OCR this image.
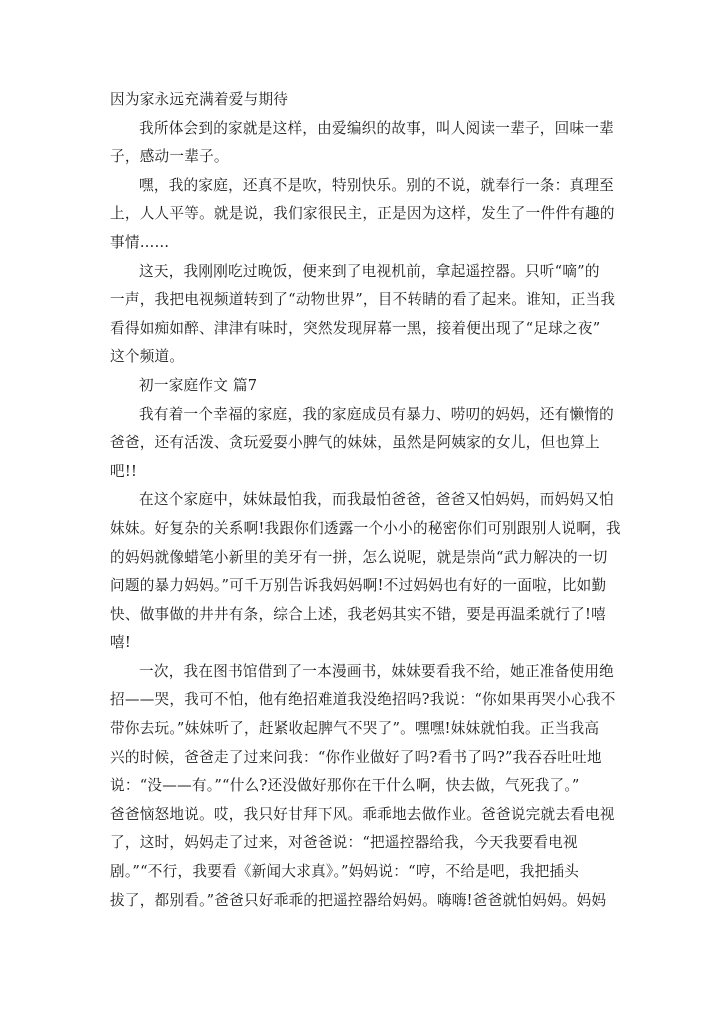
因为家永远充满着爱与期待
我所体会到的家就是这样，由爱编织的故事，叫人阅读一辈子，回味一辈
子，感动一辈子。
嘿，我的家庭，还真不是吹，特别快乐。别的不说，就奉行一条：真理至
上，人人平等。就是说，我们家很民主，正是因为这样，发生了一件件有趣的
事情……
这天，我刚刚吃过晚饭，便来到了电视机前，拿起遥控器。只听“嘀”的
一声，我把电视频道转到了“动物世界”，目不转睛的看了起来。谁知，正当我
看得如痴如醉、津津有味时，突然发现屏幕一黑，接着便出现了“足球之夜”
这个频道。
初一家庭作文 篇7
我有着一个幸福的家庭，我的家庭成员有暴力、唠叨的妈妈，还有懒惰的
爸爸，还有活泼、贪玩爱耍小脾气的妹妹，虽然是阿姨家的女儿，但也算上
吧!!
在这个家庭中，妹妹最怕我，而我最怕爸爸，爸爸又怕妈妈，而妈妈又怕
妹妹。好复杂的关系啊!我跟你们透露一个小小的秘密你们可别跟别人说啊，我
的妈妈就像蜡笔小新里的美牙有一拼，怎么说呢，就是崇尚“武力解决的一切
问题的暴力妈妈。”可千万别告诉我妈妈啊!不过妈妈也有好的一面啦，比如勤
快、做事做的井井有条，综合上述，我老妈其实不错，要是再温柔就行了!嘻
嘻!
一次，我在图书馆借到了一本漫画书，妹妹要看我不给，她正准备使用绝
招——哭，我可不怕，他有绝招难道我没绝招吗?我说：“你如果再哭小心我不
带你去玩。”妹妹听了，赶紧收起脾气不哭了”。嘿嘿!妹妹就怕我。正当我高
兴的时候，爸爸走了过来问我：“你作业做好了吗?看书了吗?”我吞吞吐吐地
说：“没——有。”“什么?还没做好那你在干什么啊，快去做，气死我了。”
爸爸恼怒地说。哎，我只好甘拜下风。乖乖地去做作业。爸爸说完就去看电视
了，这时，妈妈走了过来，对爸爸说：“把遥控器给我，今天我要看电视
剧。”“不行，我要看《新闻大求真》。”妈妈说：“哼，不给是吧，我把插头
拔了，都别看。”爸爸只好乖乖的把遥控器给妈妈。嗨嗨!爸爸就怕妈妈。妈妈
